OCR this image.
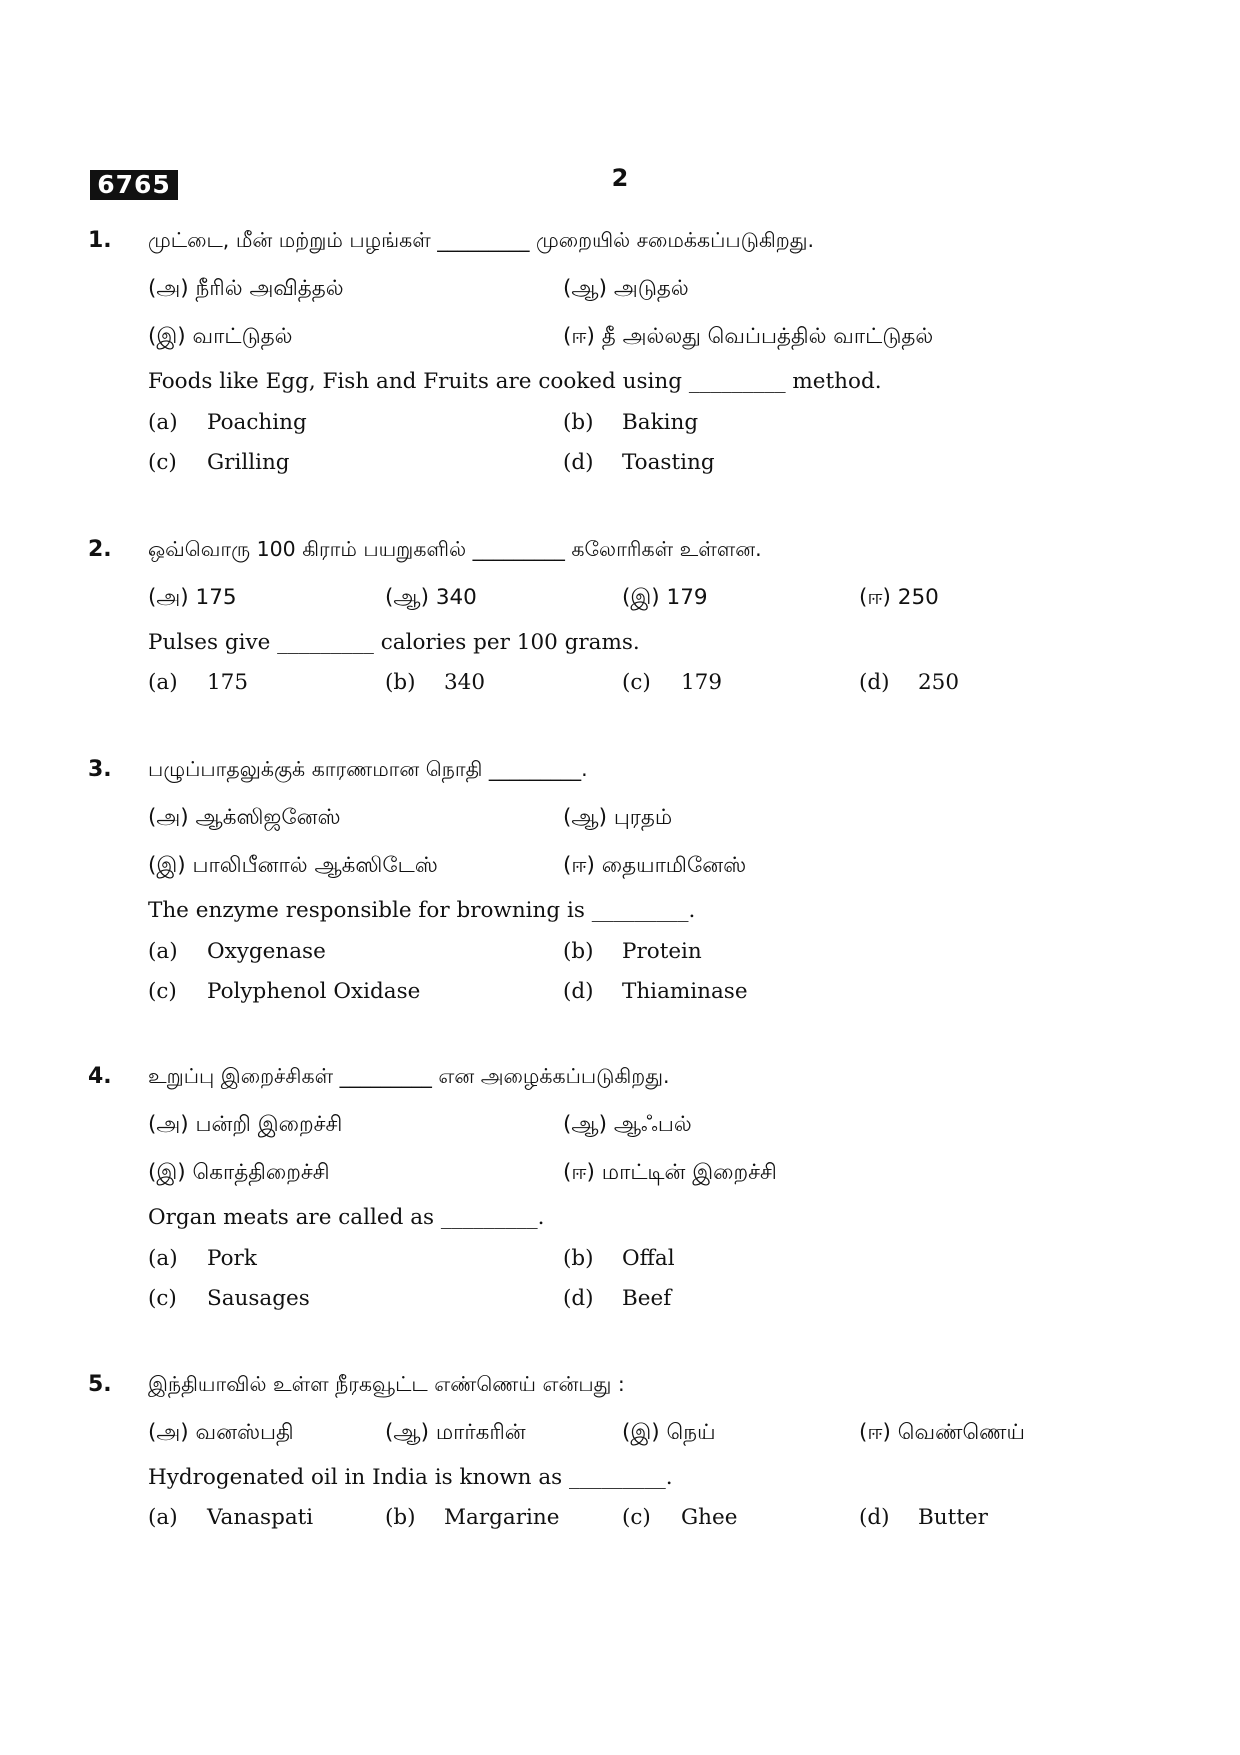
6765	2
1. முட்டை, மீன் மற்றும் பழங்கள் _________ முறையில் சமைக்கப்படுகிறது.
(அ) நீரில் அவித்தல்	(ஆ) அடுதல்
(இ) வாட்டுதல்	(ஈ) தீ அல்லது வெப்பத்தில் வாட்டுதல்
Foods like Egg, Fish and Fruits are cooked using _________ method.
(a) Poaching	(b) Baking
(c) Grilling	(d) Toasting
2. ஒவ்வொரு 100 கிராம் பயறுகளில் _________ கலோரிகள் உள்ளன.
(அ) 175	(ஆ) 340	(இ) 179	(ஈ) 250
Pulses give _________ calories per 100 grams.
(a) 175	(b) 340	(c) 179	(d) 250
3. பழுப்பாதலுக்குக் காரணமான நொதி _________.
(அ) ஆக்ஸிஜனேஸ்	(ஆ) புரதம்
(இ) பாலிபீனால் ஆக்ஸிடேஸ்	(ஈ) தையாமினேஸ்
The enzyme responsible for browning is _________.
(a) Oxygenase	(b) Protein
(c) Polyphenol Oxidase	(d) Thiaminase
4. உறுப்பு இறைச்சிகள் _________ என அழைக்கப்படுகிறது.
(அ) பன்றி இறைச்சி	(ஆ) ஆஃபல்
(இ) கொத்திறைச்சி	(ஈ) மாட்டின் இறைச்சி
Organ meats are called as _________.
(a) Pork	(b) Offal
(c) Sausages	(d) Beef
5. இந்தியாவில் உள்ள நீரகவூட்ட எண்ணெய் என்பது :
(அ) வனஸ்பதி	(ஆ) மார்கரின்	(இ) நெய்	(ஈ) வெண்ணெய்
Hydrogenated oil in India is known as _________.
(a) Vanaspati	(b) Margarine	(c) Ghee	(d) Butter
